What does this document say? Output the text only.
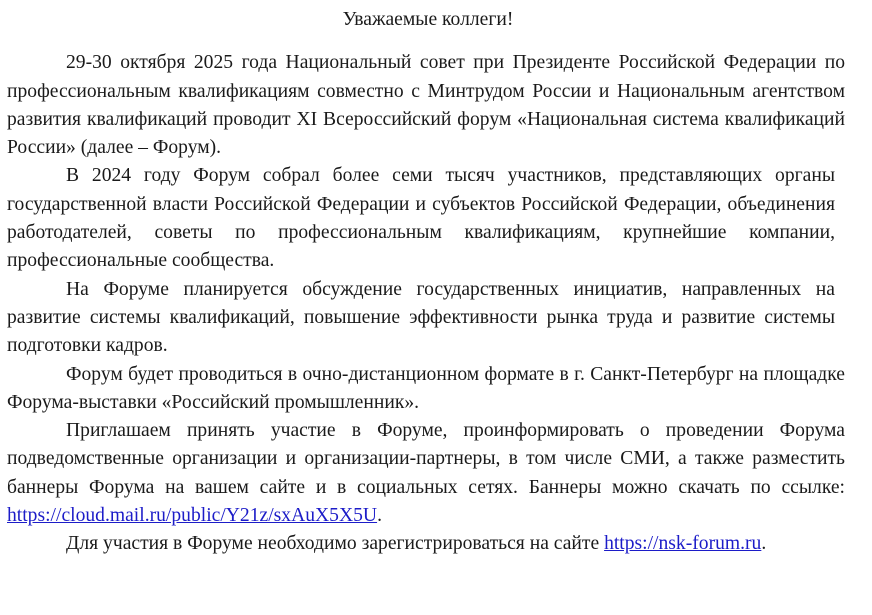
Уважаемые коллеги!

29-30 октября 2025 года Национальный совет при Президенте Российской Федерации по профессиональным квалификациям совместно с Минтрудом России и Национальным агентством развития квалификаций проводит XI Всероссийский форум «Национальная система квалификаций России» (далее – Форум).

В 2024 году Форум собрал более семи тысяч участников, представляющих органы государственной власти Российской Федерации и субъектов Российской Федерации, объединения работодателей, советы по профессиональным квалификациям, крупнейшие компании, профессиональные сообщества.

На Форуме планируется обсуждение государственных инициатив, направленных на развитие системы квалификаций, повышение эффективности рынка труда и развитие системы подготовки кадров.

Форум будет проводиться в очно-дистанционном формате в г. Санкт-Петербург на площадке Форума-выставки «Российский промышленник».

Приглашаем принять участие в Форуме, проинформировать о проведении Форума подведомственные организации и организации-партнеры, в том числе СМИ, а также разместить баннеры Форума на вашем сайте и в социальных сетях. Баннеры можно скачать по ссылке: https://cloud.mail.ru/public/Y21z/sxAuX5X5U.

Для участия в Форуме необходимо зарегистрироваться на сайте https://nsk-forum.ru.
